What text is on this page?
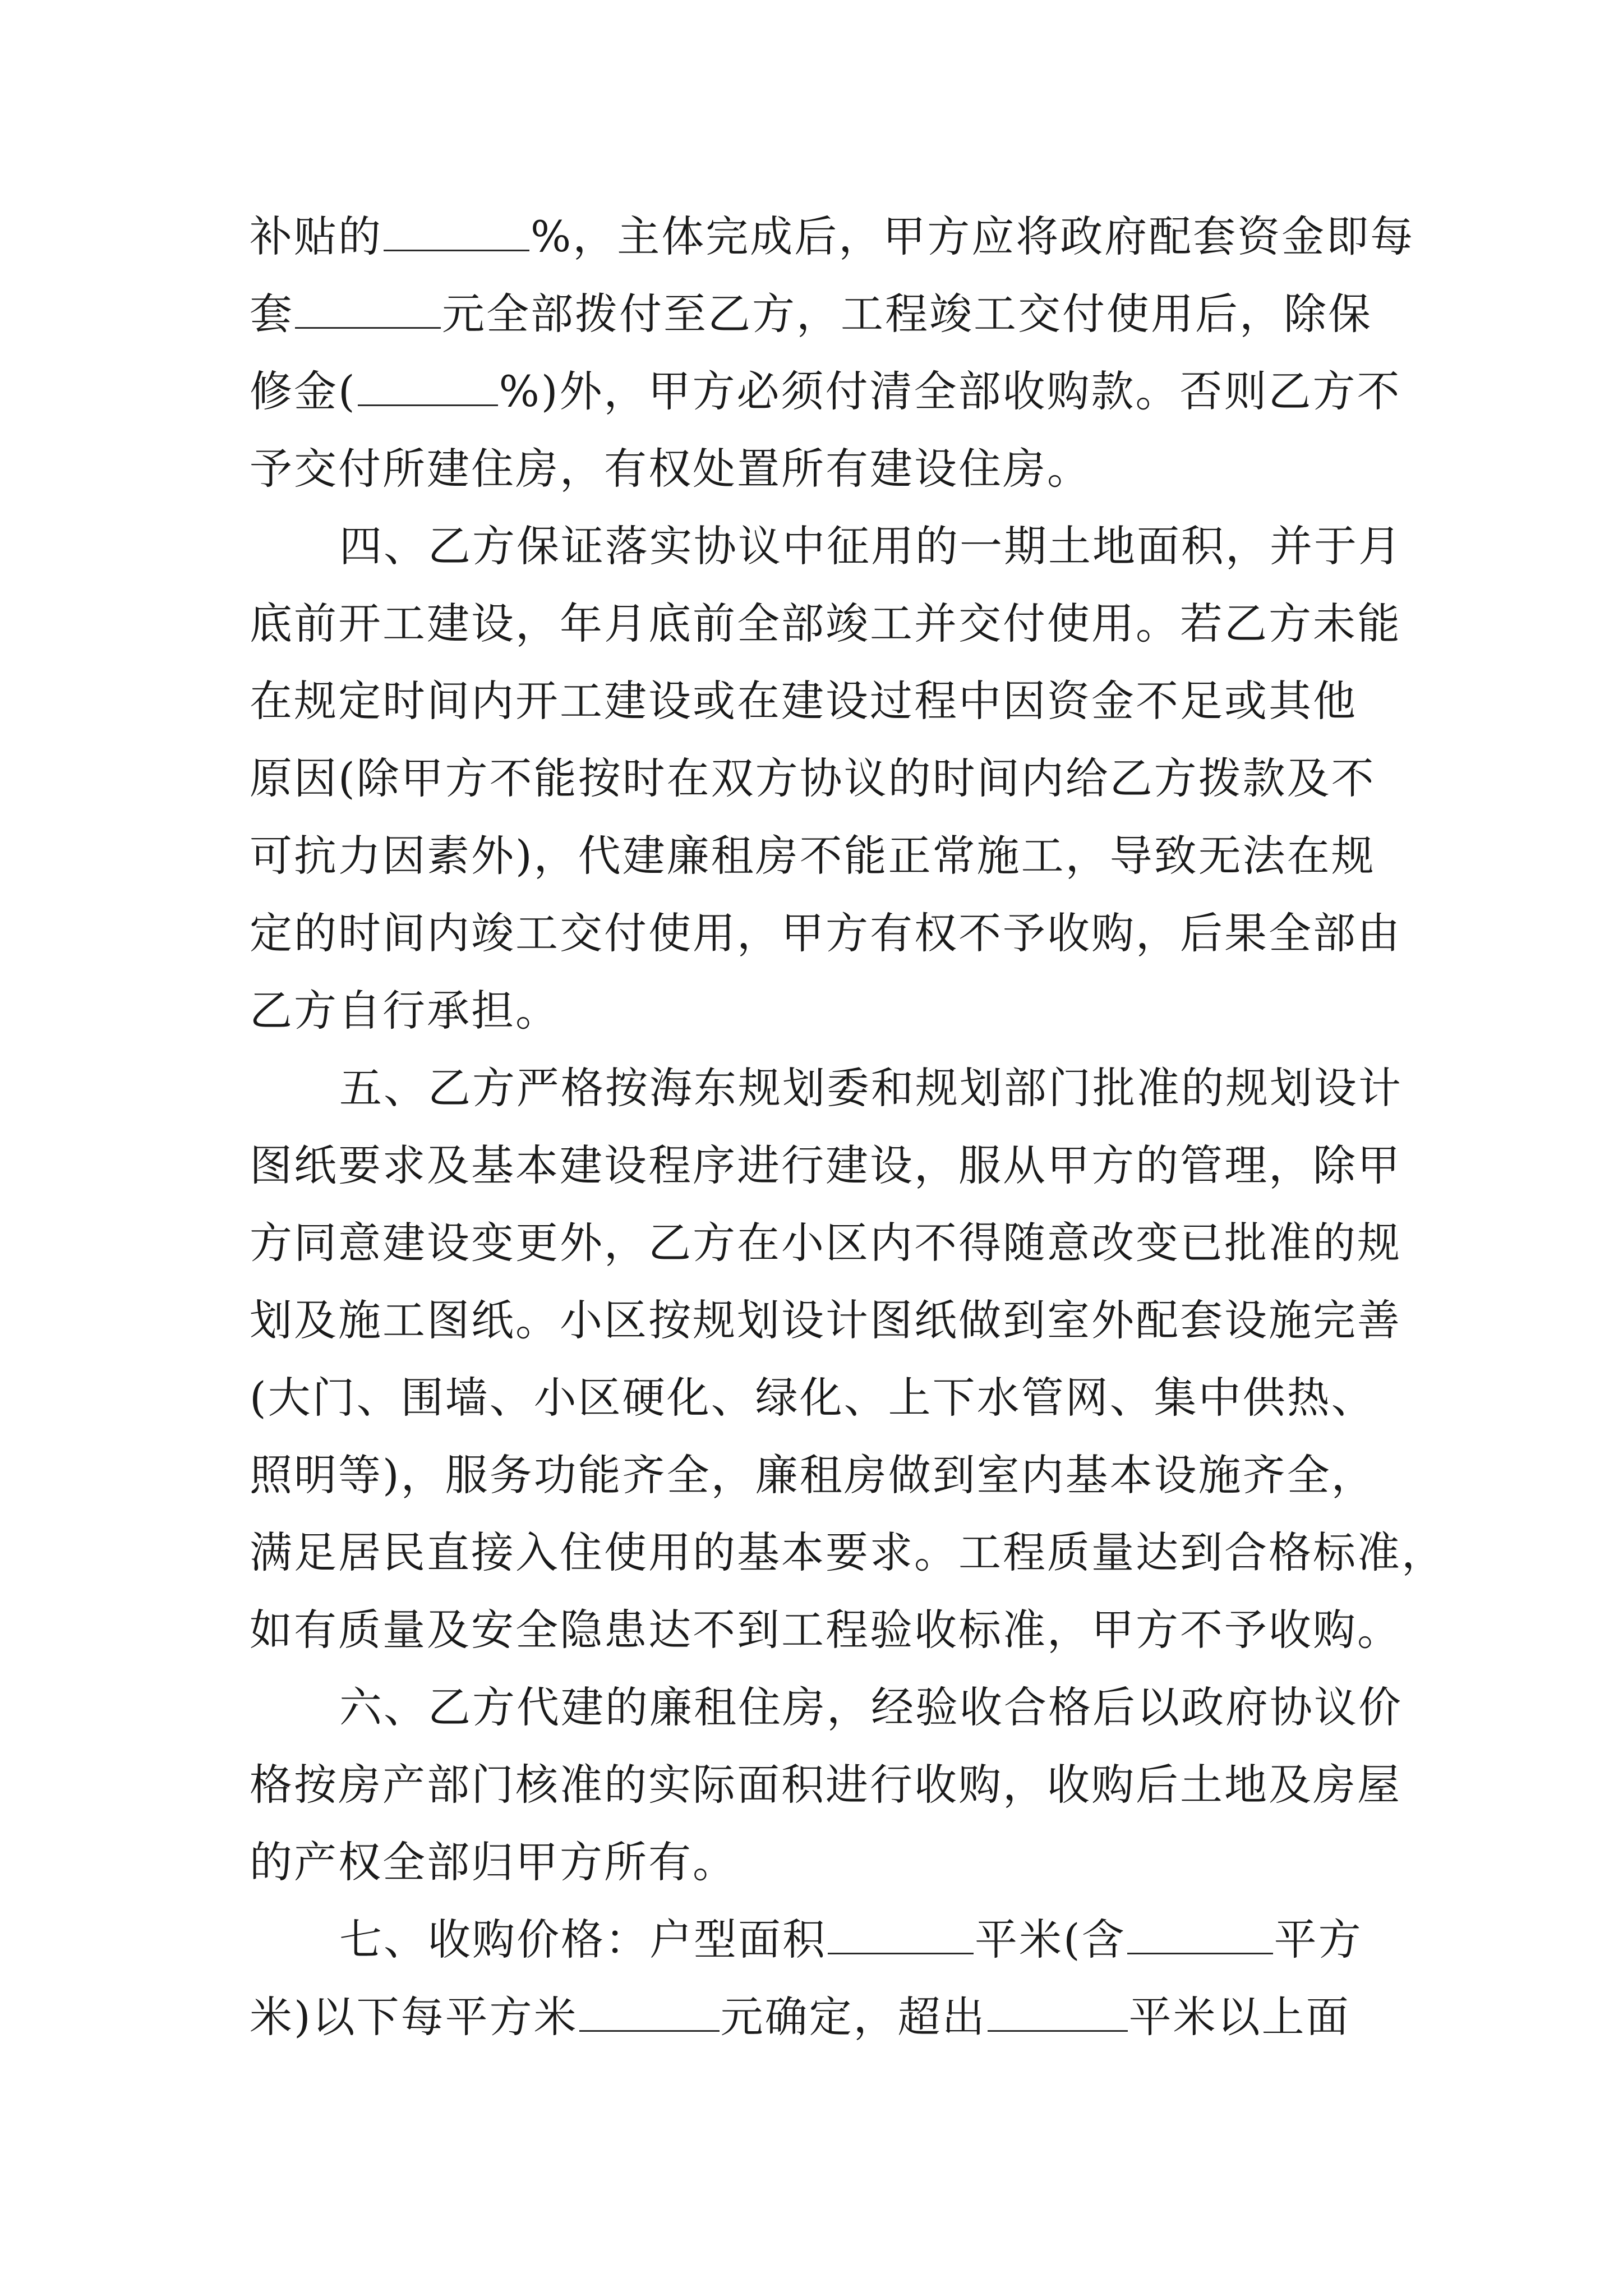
补贴的	%，主体完成后，甲方应将政府配套资金即每
套	元全部拨付至乙方，工程竣工交付使用后，除保
修金(	%)外，甲方必须付清全部收购款。否则乙方不
予交付所建住房，有权处置所有建设住房。
四、乙方保证落实协议中征用的一期土地面积，并于月
底前开工建设，年月底前全部竣工并交付使用。若乙方未能
在规定时间内开工建设或在建设过程中因资金不足或其他
原因(除甲方不能按时在双方协议的时间内给乙方拨款及不
可抗力因素外)，代建廉租房不能正常施工，导致无法在规
定的时间内竣工交付使用，甲方有权不予收购，后果全部由
乙方自行承担。
五、乙方严格按海东规划委和规划部门批准的规划设计
图纸要求及基本建设程序进行建设，服从甲方的管理，除甲
方同意建设变更外，乙方在小区内不得随意改变已批准的规
划及施工图纸。小区按规划设计图纸做到室外配套设施完善
(大门、围墙、小区硬化、绿化、上下水管网、集中供热、
照明等)，服务功能齐全，廉租房做到室内基本设施齐全，
满足居民直接入住使用的基本要求。工程质量达到合格标准，
如有质量及安全隐患达不到工程验收标准，甲方不予收购。
六、乙方代建的廉租住房，经验收合格后以政府协议价
格按房产部门核准的实际面积进行收购，收购后土地及房屋
的产权全部归甲方所有。
七、收购价格：户型面积	平米(含	平方
米)以下每平方米	元确定，超出	平米以上面
